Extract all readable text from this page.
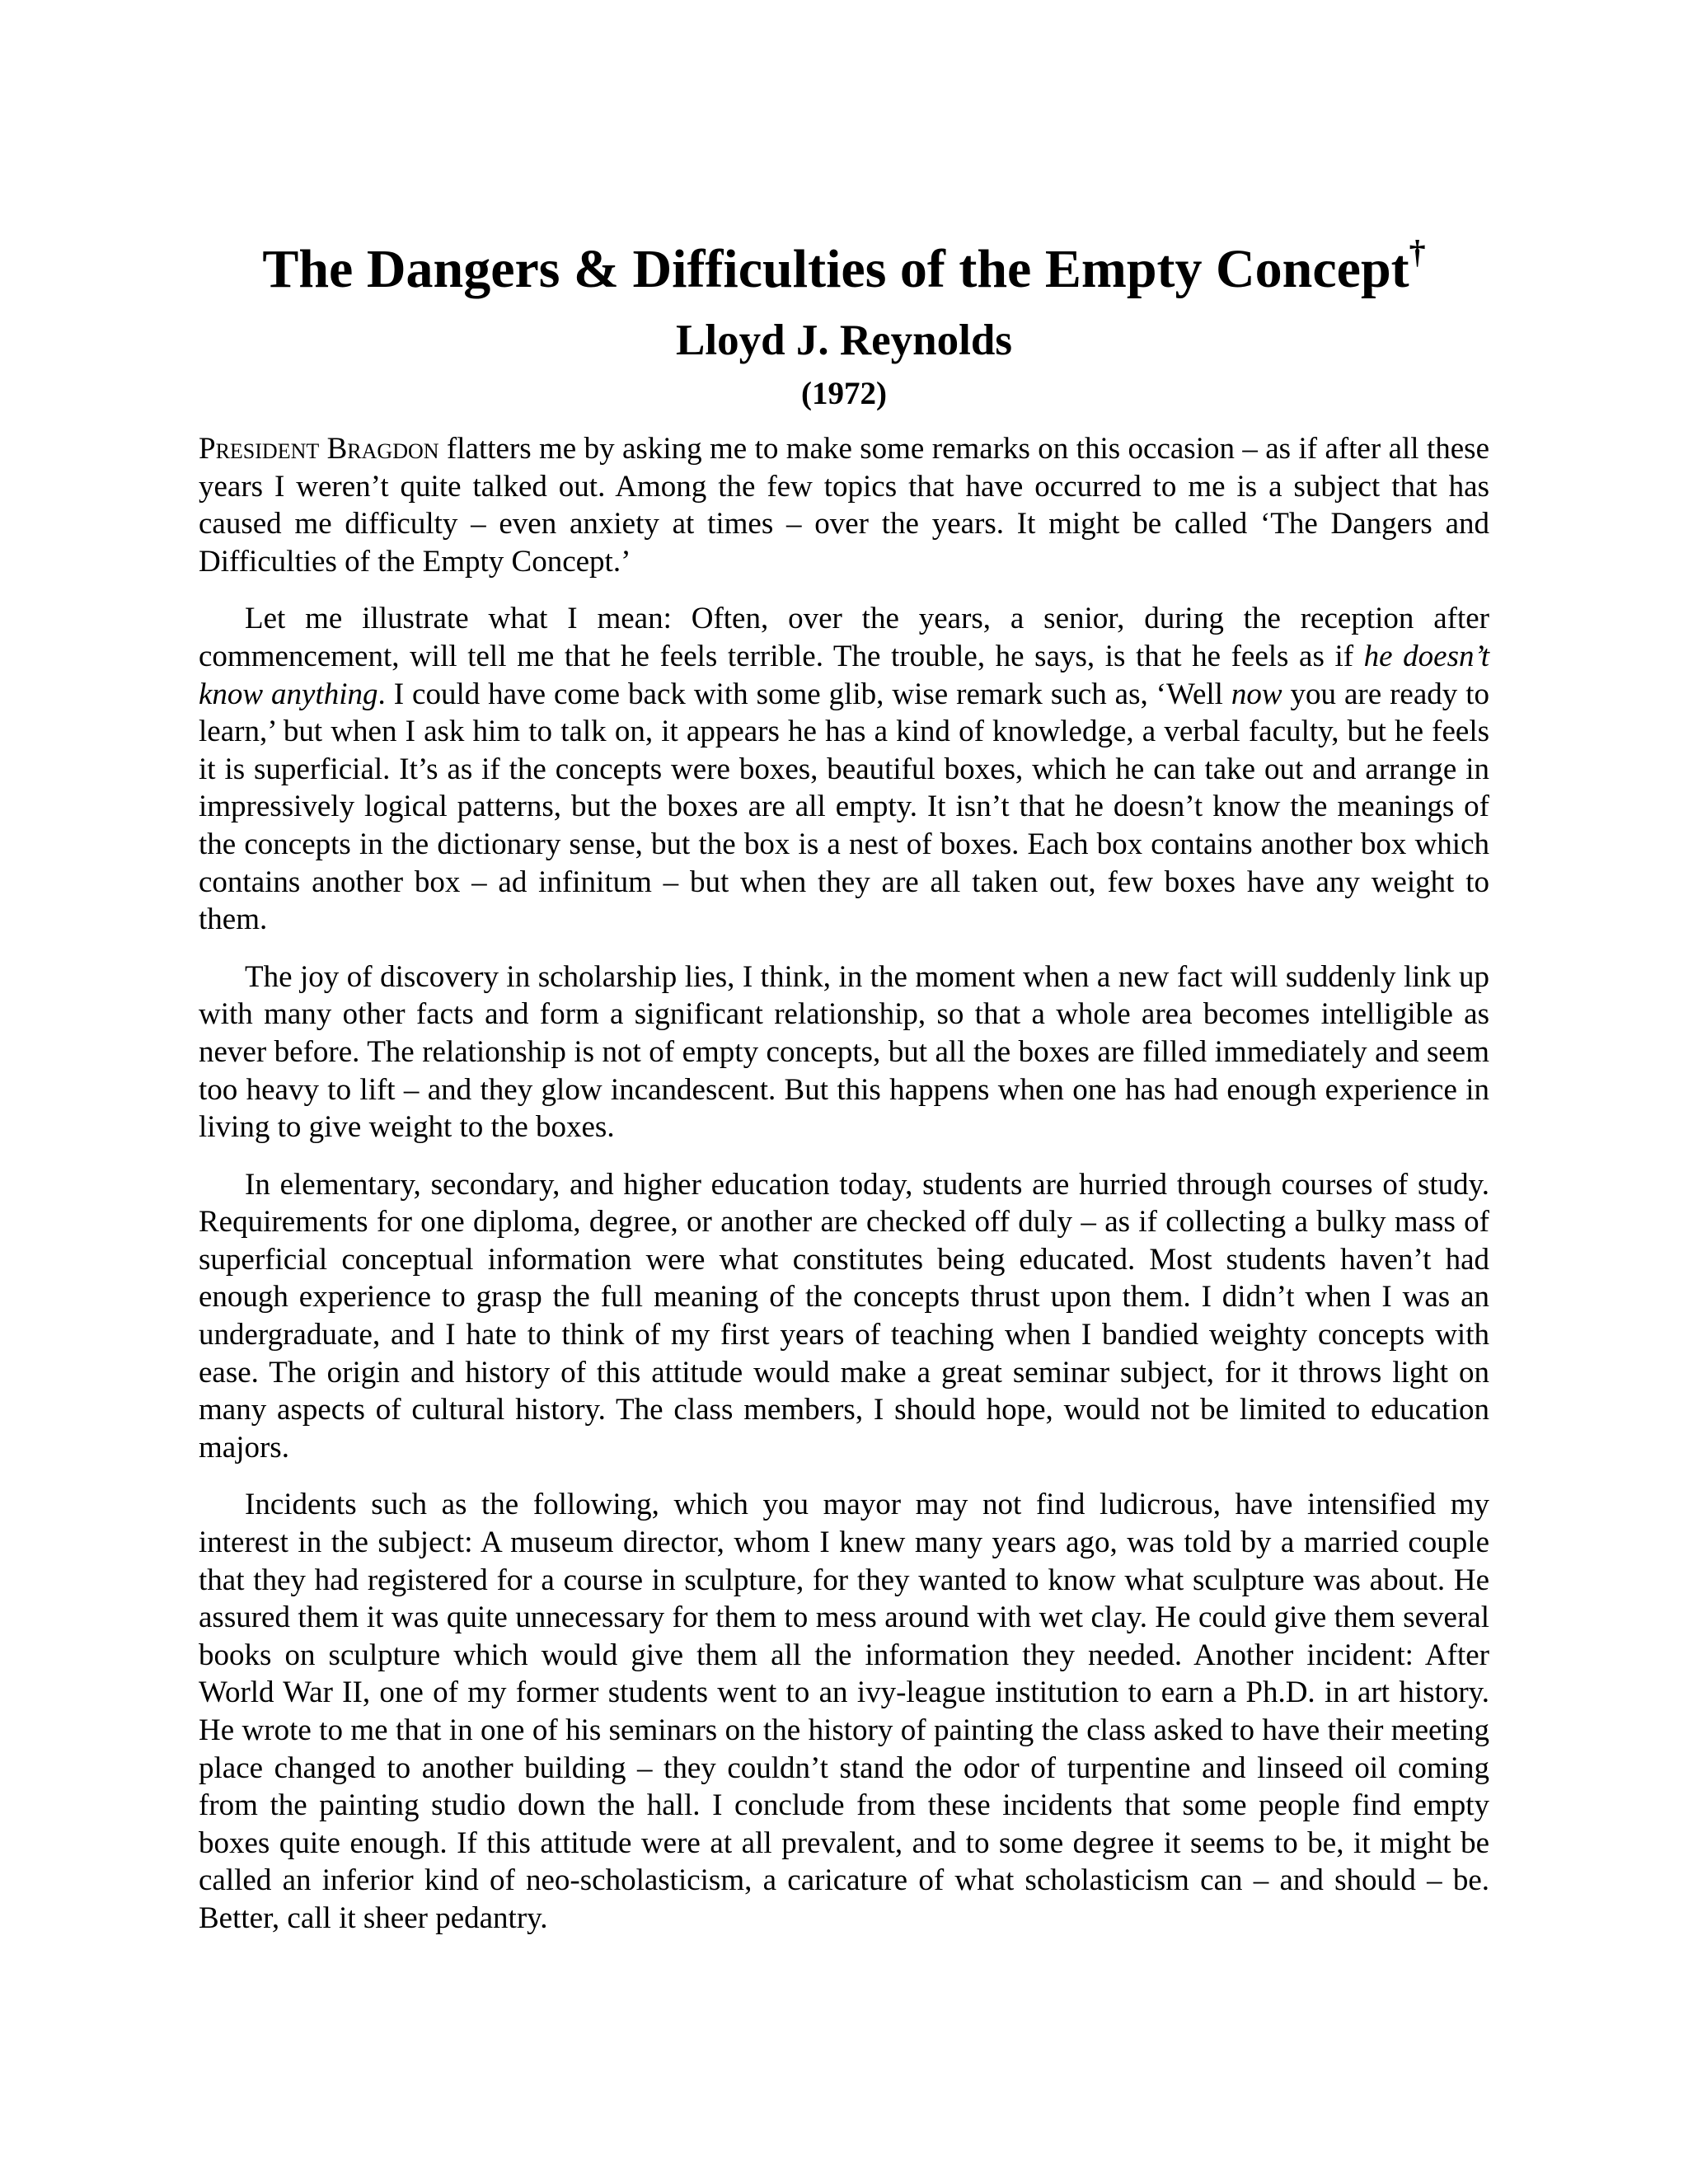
The Dangers & Difficulties of the Empty Concept†
Lloyd J. Reynolds
(1972)

President Bragdon flatters me by asking me to make some remarks on this occasion – as if after all these years I weren’t quite talked out. Among the few topics that have occurred to me is a subject that has caused me difficulty – even anxiety at times – over the years. It might be called ‘The Dangers and Difficulties of the Empty Concept.’

Let me illustrate what I mean: Often, over the years, a senior, during the reception after commencement, will tell me that he feels terrible. The trouble, he says, is that he feels as if he doesn’t know anything. I could have come back with some glib, wise remark such as, ‘Well now you are ready to learn,’ but when I ask him to talk on, it appears he has a kind of knowledge, a verbal faculty, but he feels it is superficial. It’s as if the concepts were boxes, beautiful boxes, which he can take out and arrange in impressively logical patterns, but the boxes are all empty. It isn’t that he doesn’t know the meanings of the concepts in the dictionary sense, but the box is a nest of boxes. Each box contains another box which contains another box – ad infinitum – but when they are all taken out, few boxes have any weight to them.

The joy of discovery in scholarship lies, I think, in the moment when a new fact will suddenly link up with many other facts and form a significant relationship, so that a whole area becomes intelligible as never before. The relationship is not of empty concepts, but all the boxes are filled immediately and seem too heavy to lift – and they glow incandescent. But this happens when one has had enough experience in living to give weight to the boxes.

In elementary, secondary, and higher education today, students are hurried through courses of study. Requirements for one diploma, degree, or another are checked off duly – as if collecting a bulky mass of superficial conceptual information were what constitutes being educated. Most students haven’t had enough experience to grasp the full meaning of the concepts thrust upon them. I didn’t when I was an undergraduate, and I hate to think of my first years of teaching when I bandied weighty concepts with ease. The origin and history of this attitude would make a great seminar subject, for it throws light on many aspects of cultural history. The class members, I should hope, would not be limited to education majors.

Incidents such as the following, which you mayor may not find ludicrous, have intensified my interest in the subject: A museum director, whom I knew many years ago, was told by a married couple that they had registered for a course in sculpture, for they wanted to know what sculpture was about. He assured them it was quite unnecessary for them to mess around with wet clay. He could give them several books on sculpture which would give them all the information they needed. Another incident: After World War II, one of my former students went to an ivy-league institution to earn a Ph.D. in art history. He wrote to me that in one of his seminars on the history of painting the class asked to have their meeting place changed to another building – they couldn’t stand the odor of turpentine and linseed oil coming from the painting studio down the hall. I conclude from these incidents that some people find empty boxes quite enough. If this attitude were at all prevalent, and to some degree it seems to be, it might be called an inferior kind of neo-scholasticism, a caricature of what scholasticism can – and should – be. Better, call it sheer pedantry.
